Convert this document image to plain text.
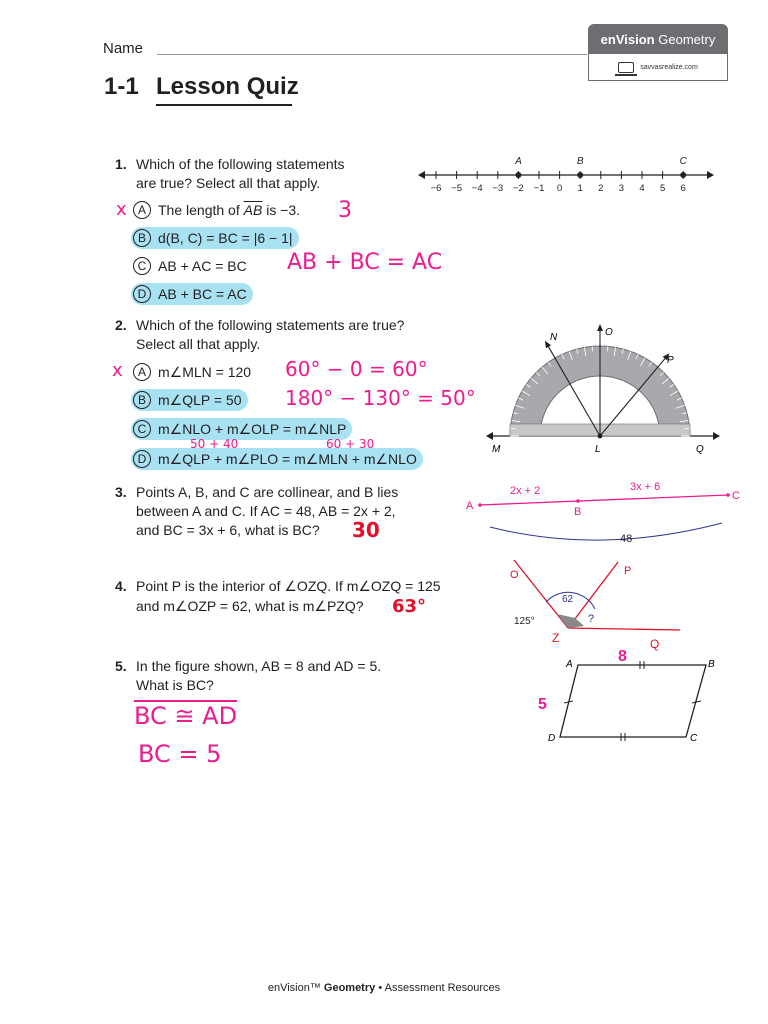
Name
enVision
Geometry
savvasrealize.com
1-1 Lesson Quiz
1. Which of the following statements
are true? Select all that apply.
A The length of $\overline{AB}$ is −3.
B d(B, C) = BC = |6 − 1|
C AB + AC = BC
D AB + BC = AC
x	3
AB + BC = AC
−6 −5 −4 −3 −2 −1 0 1 2 3 4 5 6
A	B	C
2. Which of the following statements are true?
Select all that apply.
A m∠MLN = 120
B m∠QLP = 50
C m∠NLO + m∠OLP = m∠NLP
D m∠QLP + m∠PLO = m∠MLN + m∠NLO
x	60° − 0 = 60°
180° − 130° = 50°
50 + 40	60 + 30
N	O
P
M	L	Q
3. Points A, B, and C are collinear, and B lies
between A and C. If AC = 48, AB = 2x + 2,
and BC = 3x + 6, what is BC? 30
A	B
C
2x + 2	3x + 6
48
4. Point P is the interior of ∠OZQ. If m∠OZQ = 125
and m∠OZP = 62, what is m∠PZQ? 63°
O	P
Z	Q
125°
62
?
5. In the figure shown, AB = 8 and AD = 5.
What is BC?
BC ≅ AD
BC = 5
A	B
C
D
8
5
enVision™ Geometry • Assessment Resources
